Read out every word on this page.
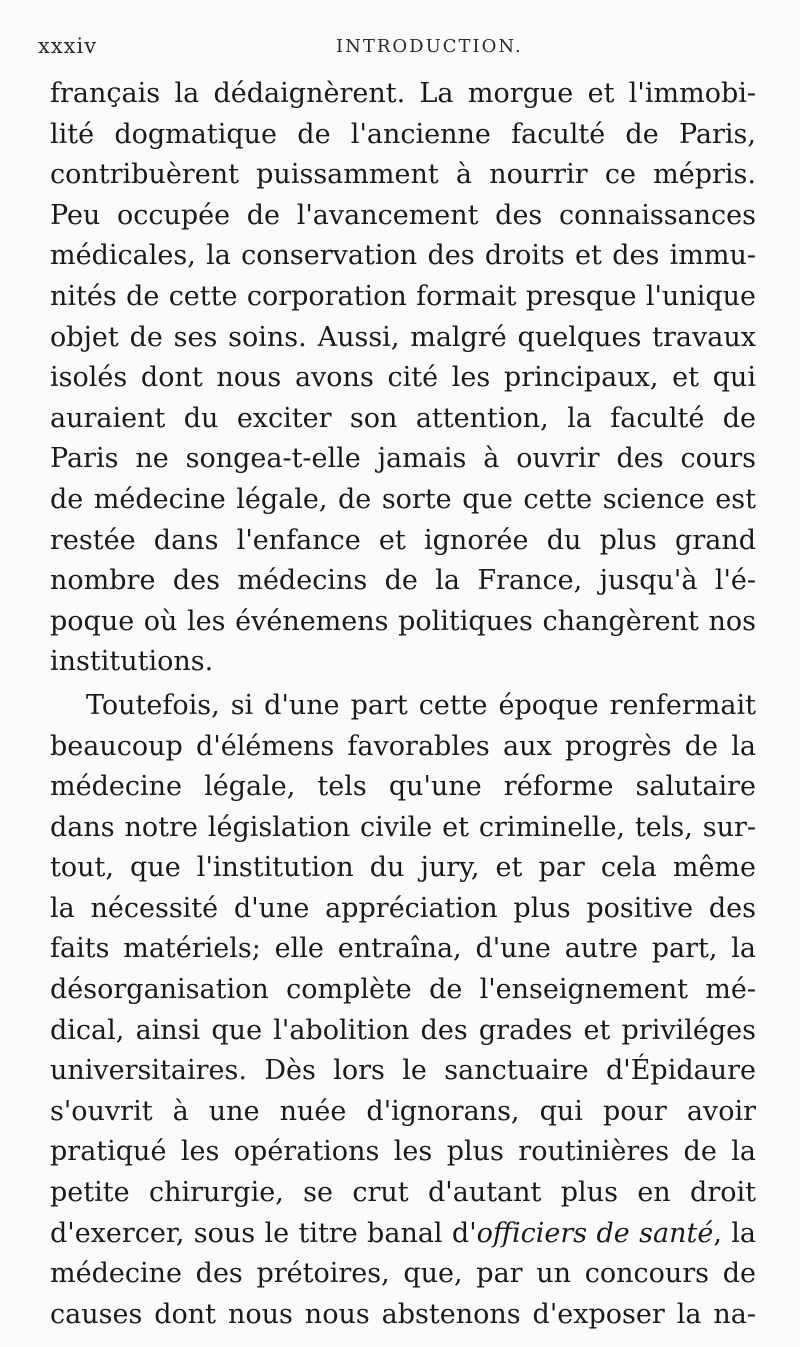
xxxiv	INTRODUCTION.
français la dédaignèrent. La morgue et l'immobi-
lité dogmatique de l'ancienne faculté de Paris,
contribuèrent puissamment à nourrir ce mépris.
Peu occupée de l'avancement des connaissances
médicales, la conservation des droits et des immu-
nités de cette corporation formait presque l'unique
objet de ses soins. Aussi, malgré quelques travaux
isolés dont nous avons cité les principaux, et qui
auraient du exciter son attention, la faculté de
Paris ne songea-t-elle jamais à ouvrir des cours
de médecine légale, de sorte que cette science est
restée dans l'enfance et ignorée du plus grand
nombre des médecins de la France, jusqu'à l'é-
poque où les événemens politiques changèrent nos
institutions.
Toutefois, si d'une part cette époque renfermait
beaucoup d'élémens favorables aux progrès de la
médecine légale, tels qu'une réforme salutaire
dans notre législation civile et criminelle, tels, sur-
tout, que l'institution du jury, et par cela même
la nécessité d'une appréciation plus positive des
faits matériels; elle entraîna, d'une autre part, la
désorganisation complète de l'enseignement mé-
dical, ainsi que l'abolition des grades et priviléges
universitaires. Dès lors le sanctuaire d'Épidaure
s'ouvrit à une nuée d'ignorans, qui pour avoir
pratiqué les opérations les plus routinières de la
petite chirurgie, se crut d'autant plus en droit
d'exercer, sous le titre banal d'officiers de santé, la
médecine des prétoires, que, par un concours de
causes dont nous nous abstenons d'exposer la na-
